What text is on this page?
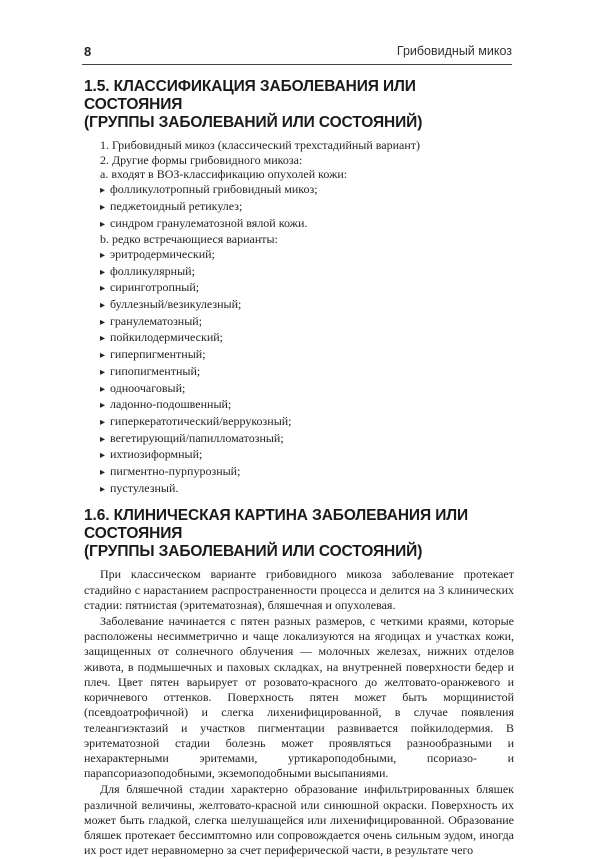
8	Грибовидный микоз
1.5. КЛАССИФИКАЦИЯ ЗАБОЛЕВАНИЯ ИЛИ СОСТОЯНИЯ
(ГРУППЫ ЗАБОЛЕВАНИЙ ИЛИ СОСТОЯНИЙ)
1. Грибовидный микоз (классический трехстадийный вариант)
2. Другие формы грибовидного микоза:
a. входят в ВОЗ-классификацию опухолей кожи:
▸ фолликулотропный грибовидный микоз;
▸ педжетоидный ретикулез;
▸ синдром гранулематозной вялой кожи.
b. редко встречающиеся варианты:
▸ эритродермический;
▸ фолликулярный;
▸ сиринготропный;
▸ буллезный/везикулезный;
▸ гранулематозный;
▸ пойкилодермический;
▸ гиперпигментный;
▸ гипопигментный;
▸ одноочаговый;
▸ ладонно-подошвенный;
▸ гиперкератотический/веррукозный;
▸ вегетирующий/папилломатозный;
▸ ихтиозиформный;
▸ пигментно-пурпурозный;
▸ пустулезный.
1.6. КЛИНИЧЕСКАЯ КАРТИНА ЗАБОЛЕВАНИЯ ИЛИ СОСТОЯНИЯ
(ГРУППЫ ЗАБОЛЕВАНИЙ ИЛИ СОСТОЯНИЙ)

При классическом варианте грибовидного микоза заболевание протекает стадийно с нарастанием распространенности процесса и делится на 3 клинических стадии: пятнистая (эритематозная), бляшечная и опухолевая.

Заболевание начинается с пятен разных размеров, с четкими краями, которые расположены несимметрично и чаще локализуются на ягодицах и участках кожи, защищенных от солнечного облучения — молочных железах, нижних отделов живота, в подмышечных и паховых складках, на внутренней поверхности бедер и плеч. Цвет пятен варьирует от розовато-красного до желтовато-оранжевого и коричневого оттенков. Поверхность пятен может быть морщинистой (псевдоатрофичной) и слегка лихенифицированной, в случае появления телеангиэктазий и участков пигментации развивается пойкилодермия. В эритематозной стадии болезнь может проявляться разнообразными и нехарактерными эритемами, уртикароподобными, псориазо- и парапсориазоподобными, экземоподобными высыпаниями.

Для бляшечной стадии характерно образование инфильтрированных бляшек различной величины, желтовато-красной или синюшной окраски. Поверхность их может быть гладкой, слегка шелушащейся или лихенифицированной. Образование бляшек протекает бессимптомно или сопровождается очень сильным зудом, иногда их рост идет неравномерно за счет периферической части, в результате чего
